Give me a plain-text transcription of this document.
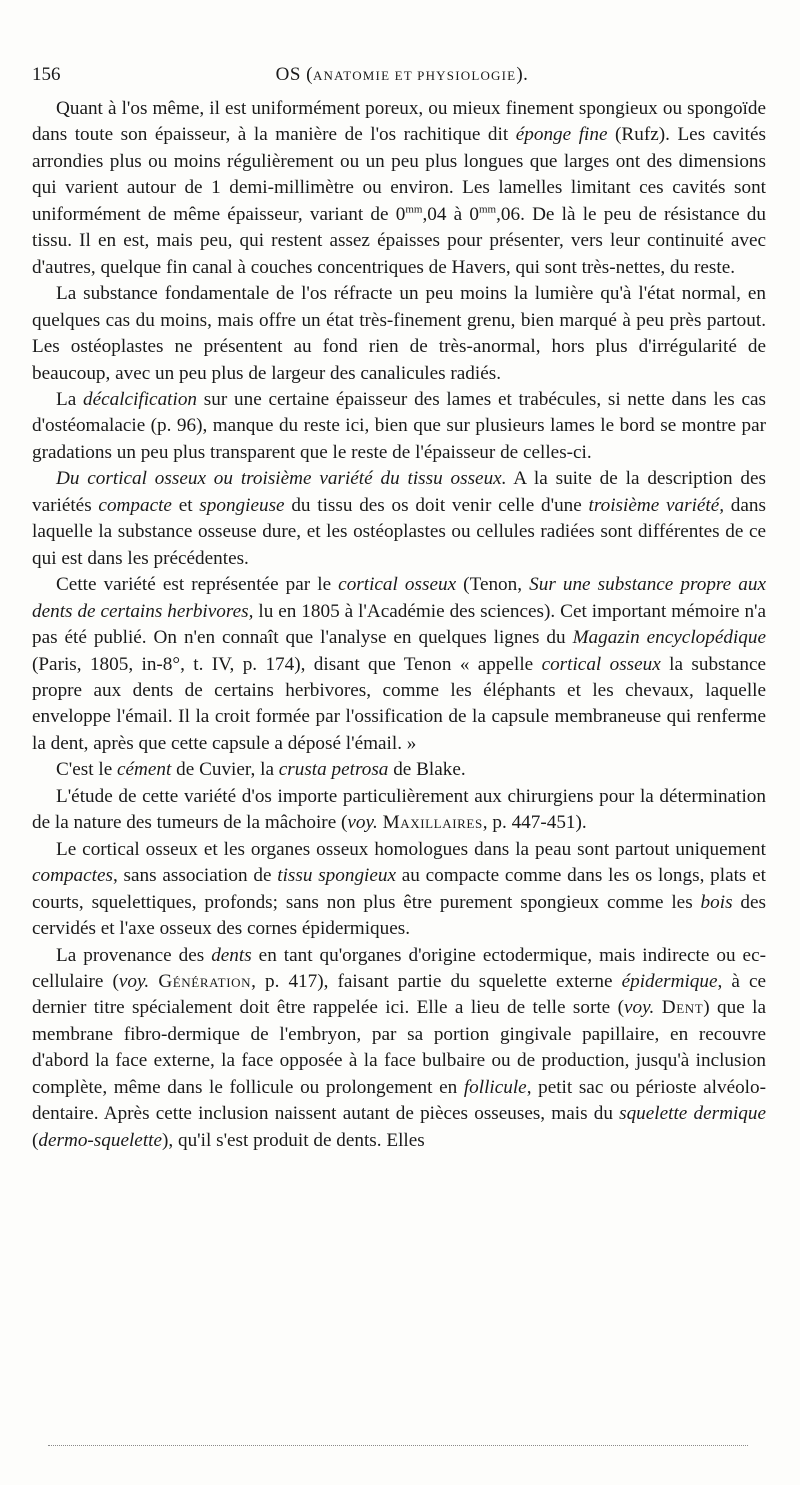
156	OS (ANATOMIE ET PHYSIOLOGIE).

Quant à l'os même, il est uniformément poreux, ou mieux finement spongieux ou spongoïde dans toute son épaisseur, à la manière de l'os rachitique dit éponge fine (Rufz). Les cavités arrondies plus ou moins régulièrement ou un peu plus longues que larges ont des dimensions qui varient autour de 1 demi-millimètre ou environ. Les lamelles limitant ces cavités sont uniformément de même épaisseur, variant de $0^{mm},04$ à $0^{mm},06$. De là le peu de résistance du tissu. Il en est, mais peu, qui restent assez épaisses pour présenter, vers leur continuité avec d'autres, quelque fin canal à couches concentriques de Havers, qui sont très-nettes, du reste.

La substance fondamentale de l'os réfracte un peu moins la lumière qu'à l'état normal, en quelques cas du moins, mais offre un état très-finement grenu, bien marqué à peu près partout. Les ostéoplastes ne présentent au fond rien de très-anormal, hors plus d'irrégularité de beaucoup, avec un peu plus de largeur des canalicules radiés.

La décalcification sur une certaine épaisseur des lames et trabécules, si nette dans les cas d'ostéomalacie (p. 96), manque du reste ici, bien que sur plusieurs lames le bord se montre par gradations un peu plus transparent que le reste de l'épaisseur de celles-ci.

Du cortical osseux ou troisième variété du tissu osseux. A la suite de la description des variétés compacte et spongieuse du tissu des os doit venir celle d'une troisième variété, dans laquelle la substance osseuse dure, et les ostéoplastes ou cellules radiées sont différentes de ce qui est dans les précédentes.

Cette variété est représentée par le cortical osseux (Tenon, Sur une substance propre aux dents de certains herbivores, lu en 1805 à l'Académie des sciences). Cet important mémoire n'a pas été publié. On n'en connaît que l'analyse en quelques lignes du Magazin encyclopédique (Paris, 1805, in-8°, t. IV, p. 174), disant que Tenon « appelle cortical osseux la substance propre aux dents de certains herbivores, comme les éléphants et les chevaux, laquelle enveloppe l'émail. Il la croit formée par l'ossification de la capsule membraneuse qui renferme la dent, après que cette capsule a déposé l'émail. »

C'est le cément de Cuvier, la crusta petrosa de Blake.

L'étude de cette variété d'os importe particulièrement aux chirurgiens pour la détermination de la nature des tumeurs de la mâchoire (voy. Maxillaires, p. 447-451).

Le cortical osseux et les organes osseux homologues dans la peau sont partout uniquement compactes, sans association de tissu spongieux au compacte comme dans les os longs, plats et courts, squelettiques, profonds; sans non plus être purement spongieux comme les bois des cervidés et l'axe osseux des cornes épidermiques.

La provenance des dents en tant qu'organes d'origine ectodermique, mais indirecte ou ec-cellulaire (voy. Génération, p. 417), faisant partie du squelette externe épidermique, à ce dernier titre spécialement doit être rappelée ici. Elle a lieu de telle sorte (voy. Dent) que la membrane fibro-dermique de l'embryon, par sa portion gingivale papillaire, en recouvre d'abord la face externe, la face opposée à la face bulbaire ou de production, jusqu'à inclusion complète, même dans le follicule ou prolongement en follicule, petit sac ou périoste alvéolo-dentaire. Après cette inclusion naissent autant de pièces osseuses, mais du squelette dermique (dermo-squelette), qu'il s'est produit de dents. Elles
